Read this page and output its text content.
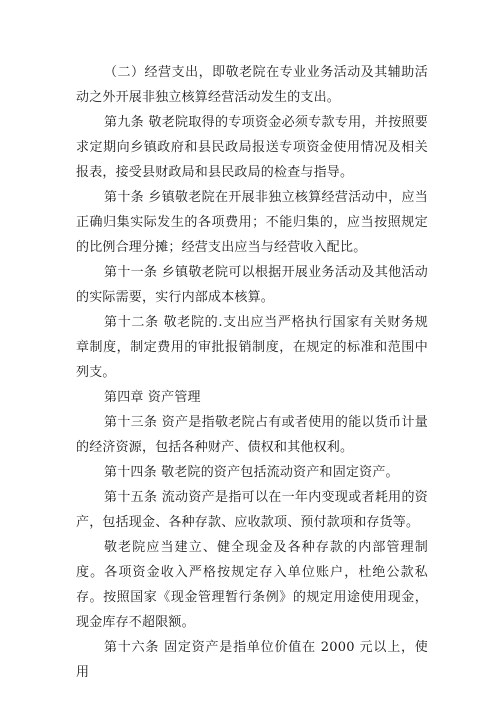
（二）经营支出，即敬老院在专业业务活动及其辅助活动之外开展非独立核算经营活动发生的支出。

第九条 敬老院取得的专项资金必须专款专用，并按照要求定期向乡镇政府和县民政局报送专项资金使用情况及相关报表，接受县财政局和县民政局的检查与指导。

第十条 乡镇敬老院在开展非独立核算经营活动中，应当正确归集实际发生的各项费用；不能归集的，应当按照规定的比例合理分摊；经营支出应当与经营收入配比。

第十一条 乡镇敬老院可以根据开展业务活动及其他活动的实际需要，实行内部成本核算。

第十二条 敬老院的.支出应当严格执行国家有关财务规章制度，制定费用的审批报销制度，在规定的标准和范围中列支。

第四章 资产管理

第十三条 资产是指敬老院占有或者使用的能以货币计量的经济资源，包括各种财产、债权和其他权利。

第十四条 敬老院的资产包括流动资产和固定资产。

第十五条 流动资产是指可以在一年内变现或者耗用的资产，包括现金、各种存款、应收款项、预付款项和存货等。

敬老院应当建立、健全现金及各种存款的内部管理制度。各项资金收入严格按规定存入单位账户，杜绝公款私存。按照国家《现金管理暂行条例》的规定用途使用现金，现金库存不超限额。

第十六条 固定资产是指单位价值在 2000 元以上，使用
